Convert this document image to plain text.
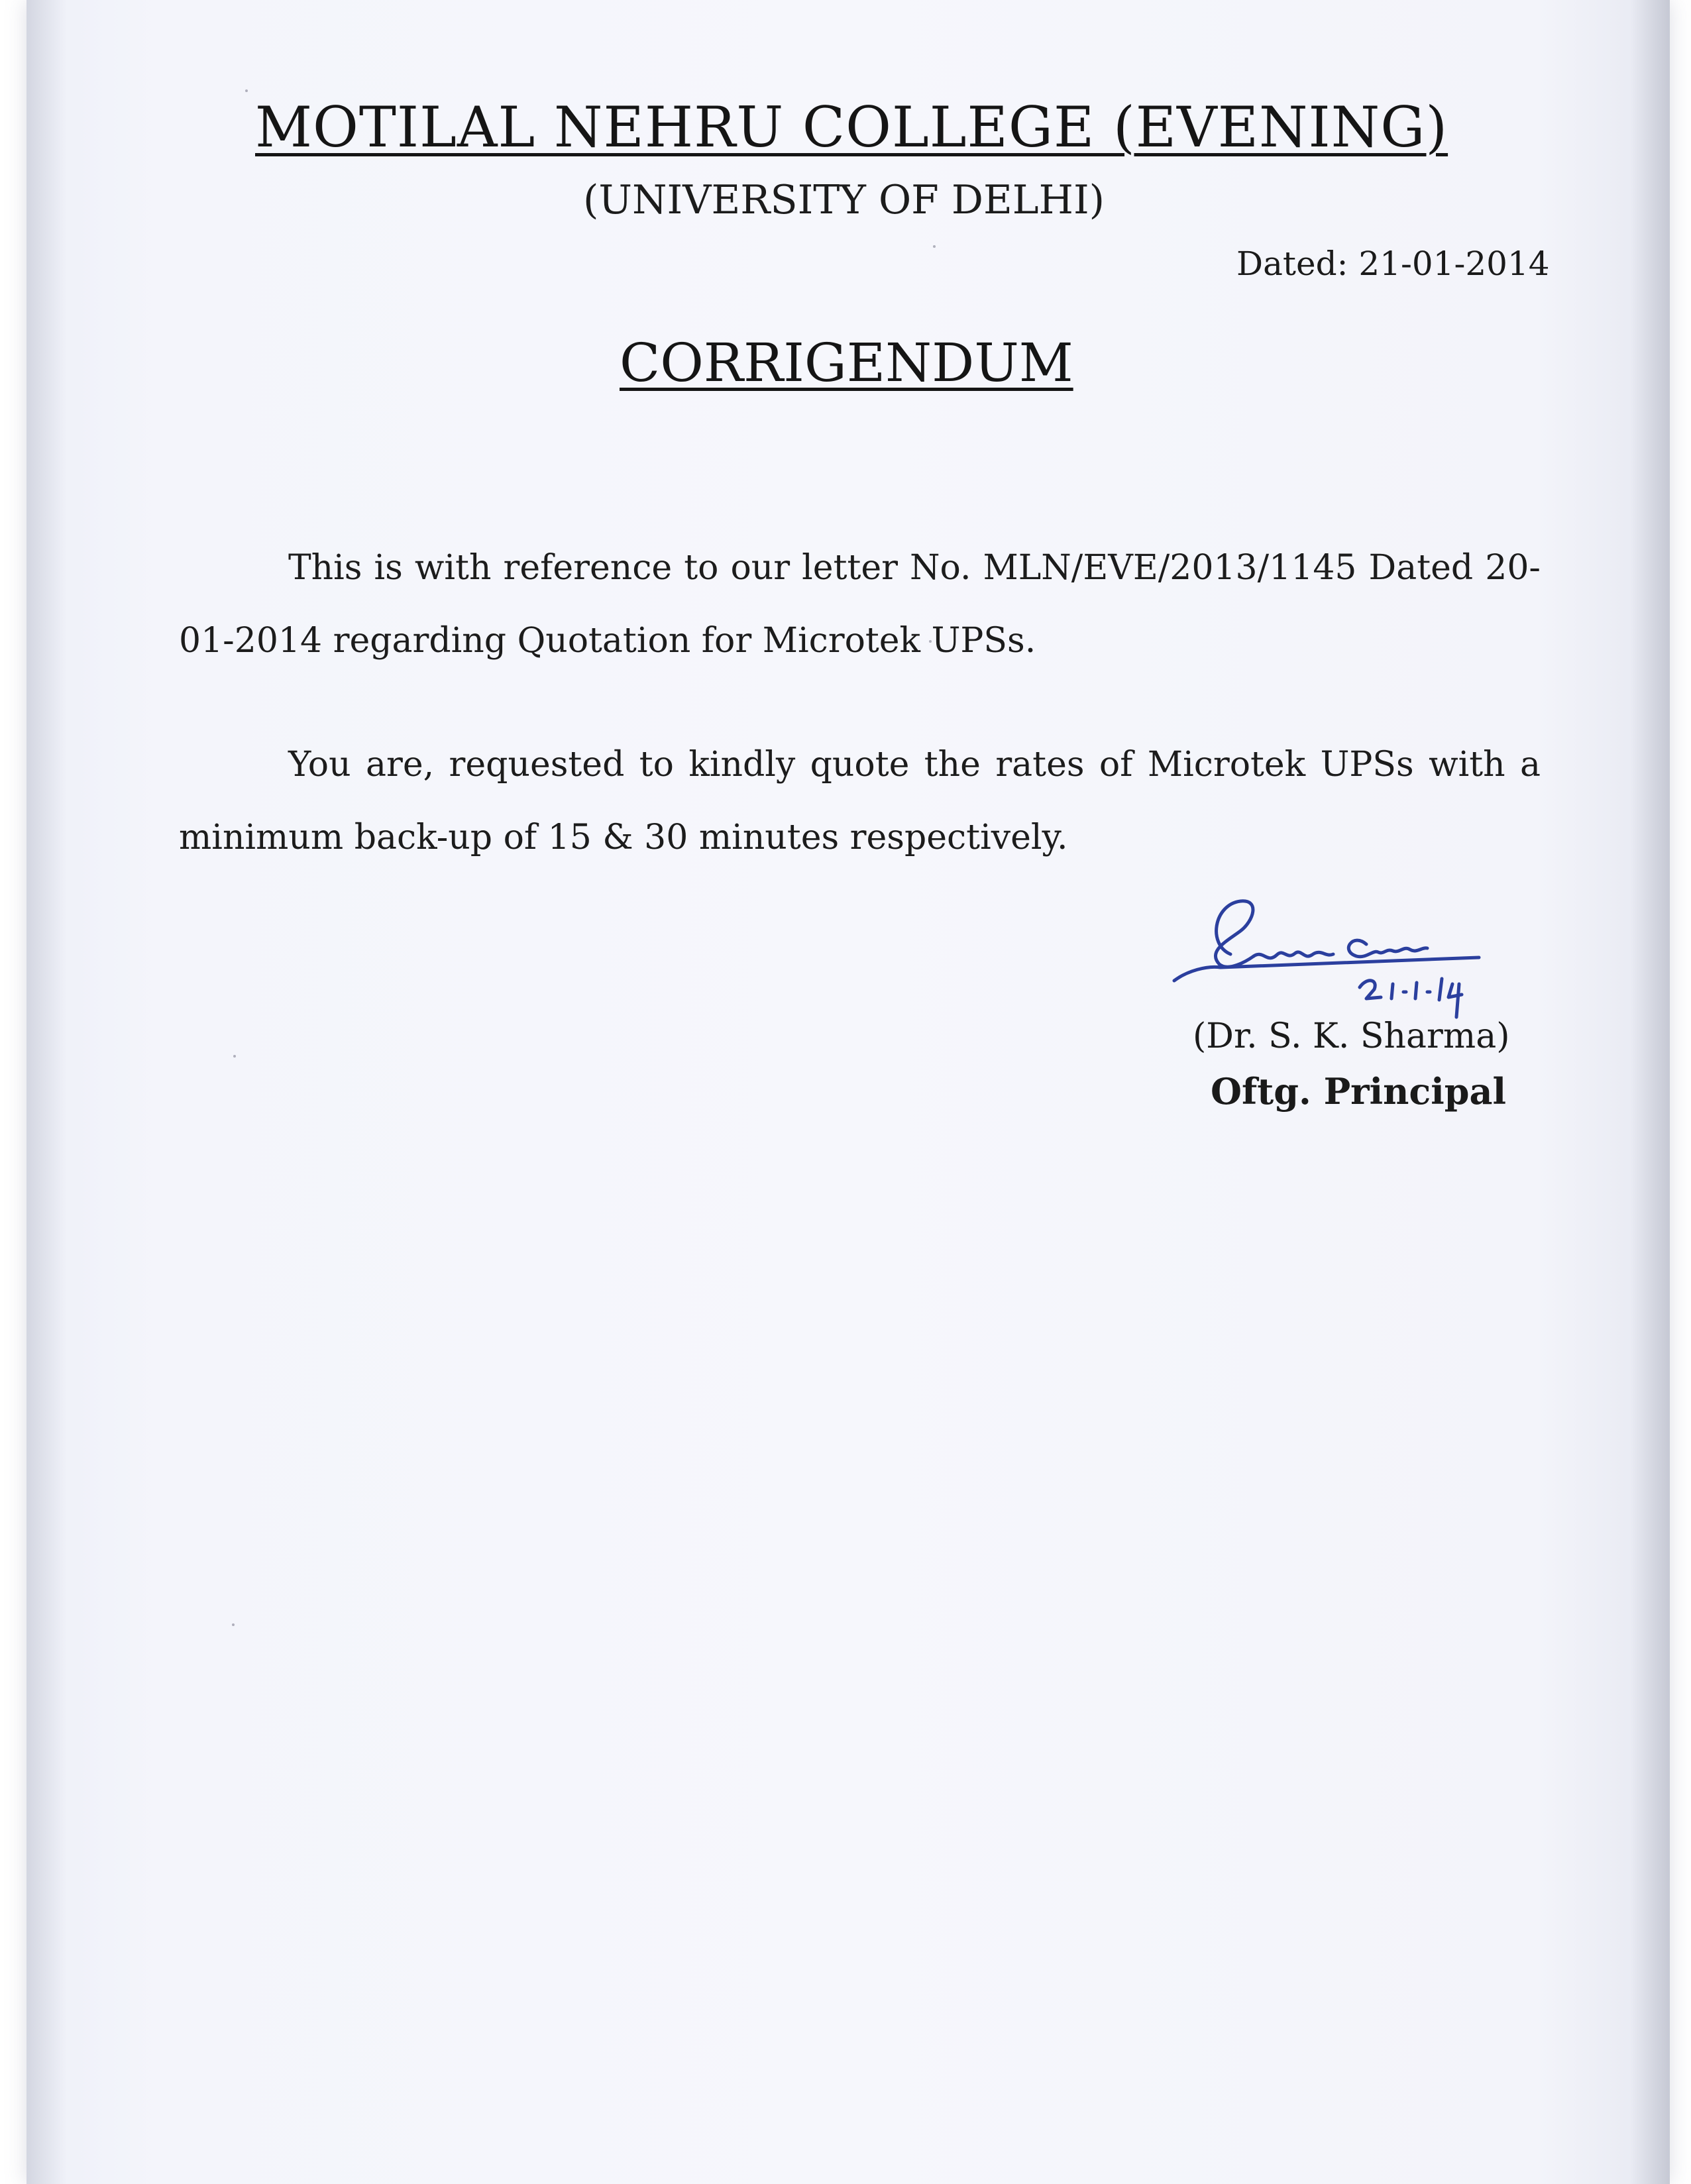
MOTILAL NEHRU COLLEGE (EVENING)
(UNIVERSITY OF DELHI)
Dated: 21-01-2014
CORRIGENDUM

This is with reference to our letter No. MLN/EVE/2013/1145 Dated 20-01-2014 regarding Quotation for Microtek UPSs.

You are, requested to kindly quote the rates of Microtek UPSs with a minimum back-up of 15 & 30 minutes respectively.

(Dr. S. K. Sharma)
Oftg. Principal
